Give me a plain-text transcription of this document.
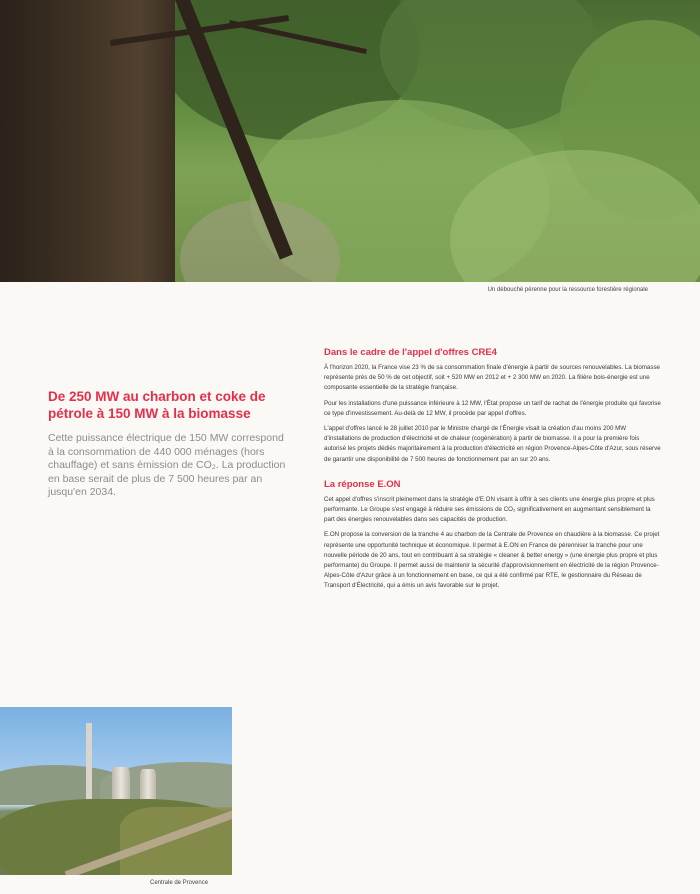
Un débouché pérenne pour la ressource forestière régionale
De 250 MW au charbon et coke de pétrole à 150 MW à la biomasse

Cette puissance électrique de 150 MW correspond à la consommation de 440 000 ménages (hors chauffage) et sans émission de CO₂. La production en base serait de plus de 7 500 heures par an jusqu'en 2034.

Dans le cadre de l'appel d'offres CRE4

À l'horizon 2020, la France vise 23 % de sa consommation finale d'énergie à partir de sources renouvelables. La biomasse représente près de 50 % de cet objectif, soit + 520 MW en 2012 et + 2 300 MW en 2020. La filière bois-énergie est une composante essentielle de la stratégie française.

Pour les installations d'une puissance inférieure à 12 MW, l'État propose un tarif de rachat de l'énergie produite qui favorise ce type d'investissement. Au-delà de 12 MW, il procède par appel d'offres.

L'appel d'offres lancé le 28 juillet 2010 par le Ministre chargé de l'Énergie visait la création d'au moins 200 MW d'installations de production d'électricité et de chaleur (cogénération) à partir de biomasse. Il a pour la première fois autorisé les projets dédiés majoritairement à la production d'électricité en région Provence-Alpes-Côte d'Azur, sous réserve de garantir une disponibilité de 7 500 heures de fonctionnement par an sur 20 ans.

La réponse E.ON

Cet appel d'offres s'inscrit pleinement dans la stratégie d'E.ON visant à offrir à ses clients une énergie plus propre et plus performante. Le Groupe s'est engagé à réduire ses émissions de CO₂ significativement en augmentant sensiblement la part des énergies renouvelables dans ses capacités de production.

E.ON propose la conversion de la tranche 4 au charbon de la Centrale de Provence en chaudière à la biomasse. Ce projet représente une opportunité technique et économique. Il permet à E.ON en France de pérenniser la tranche pour une nouvelle période de 20 ans, tout en contribuant à sa stratégie « cleaner & better energy » (une énergie plus propre et plus performante) du Groupe. Il permet aussi de maintenir la sécurité d'approvisionnement en électricité de la région Provence-Alpes-Côte d'Azur grâce à un fonctionnement en base, ce qui a été confirmé par RTE, le gestionnaire du Réseau de Transport d'Électricité, qui a émis un avis favorable sur le projet.

Centrale de Provence
